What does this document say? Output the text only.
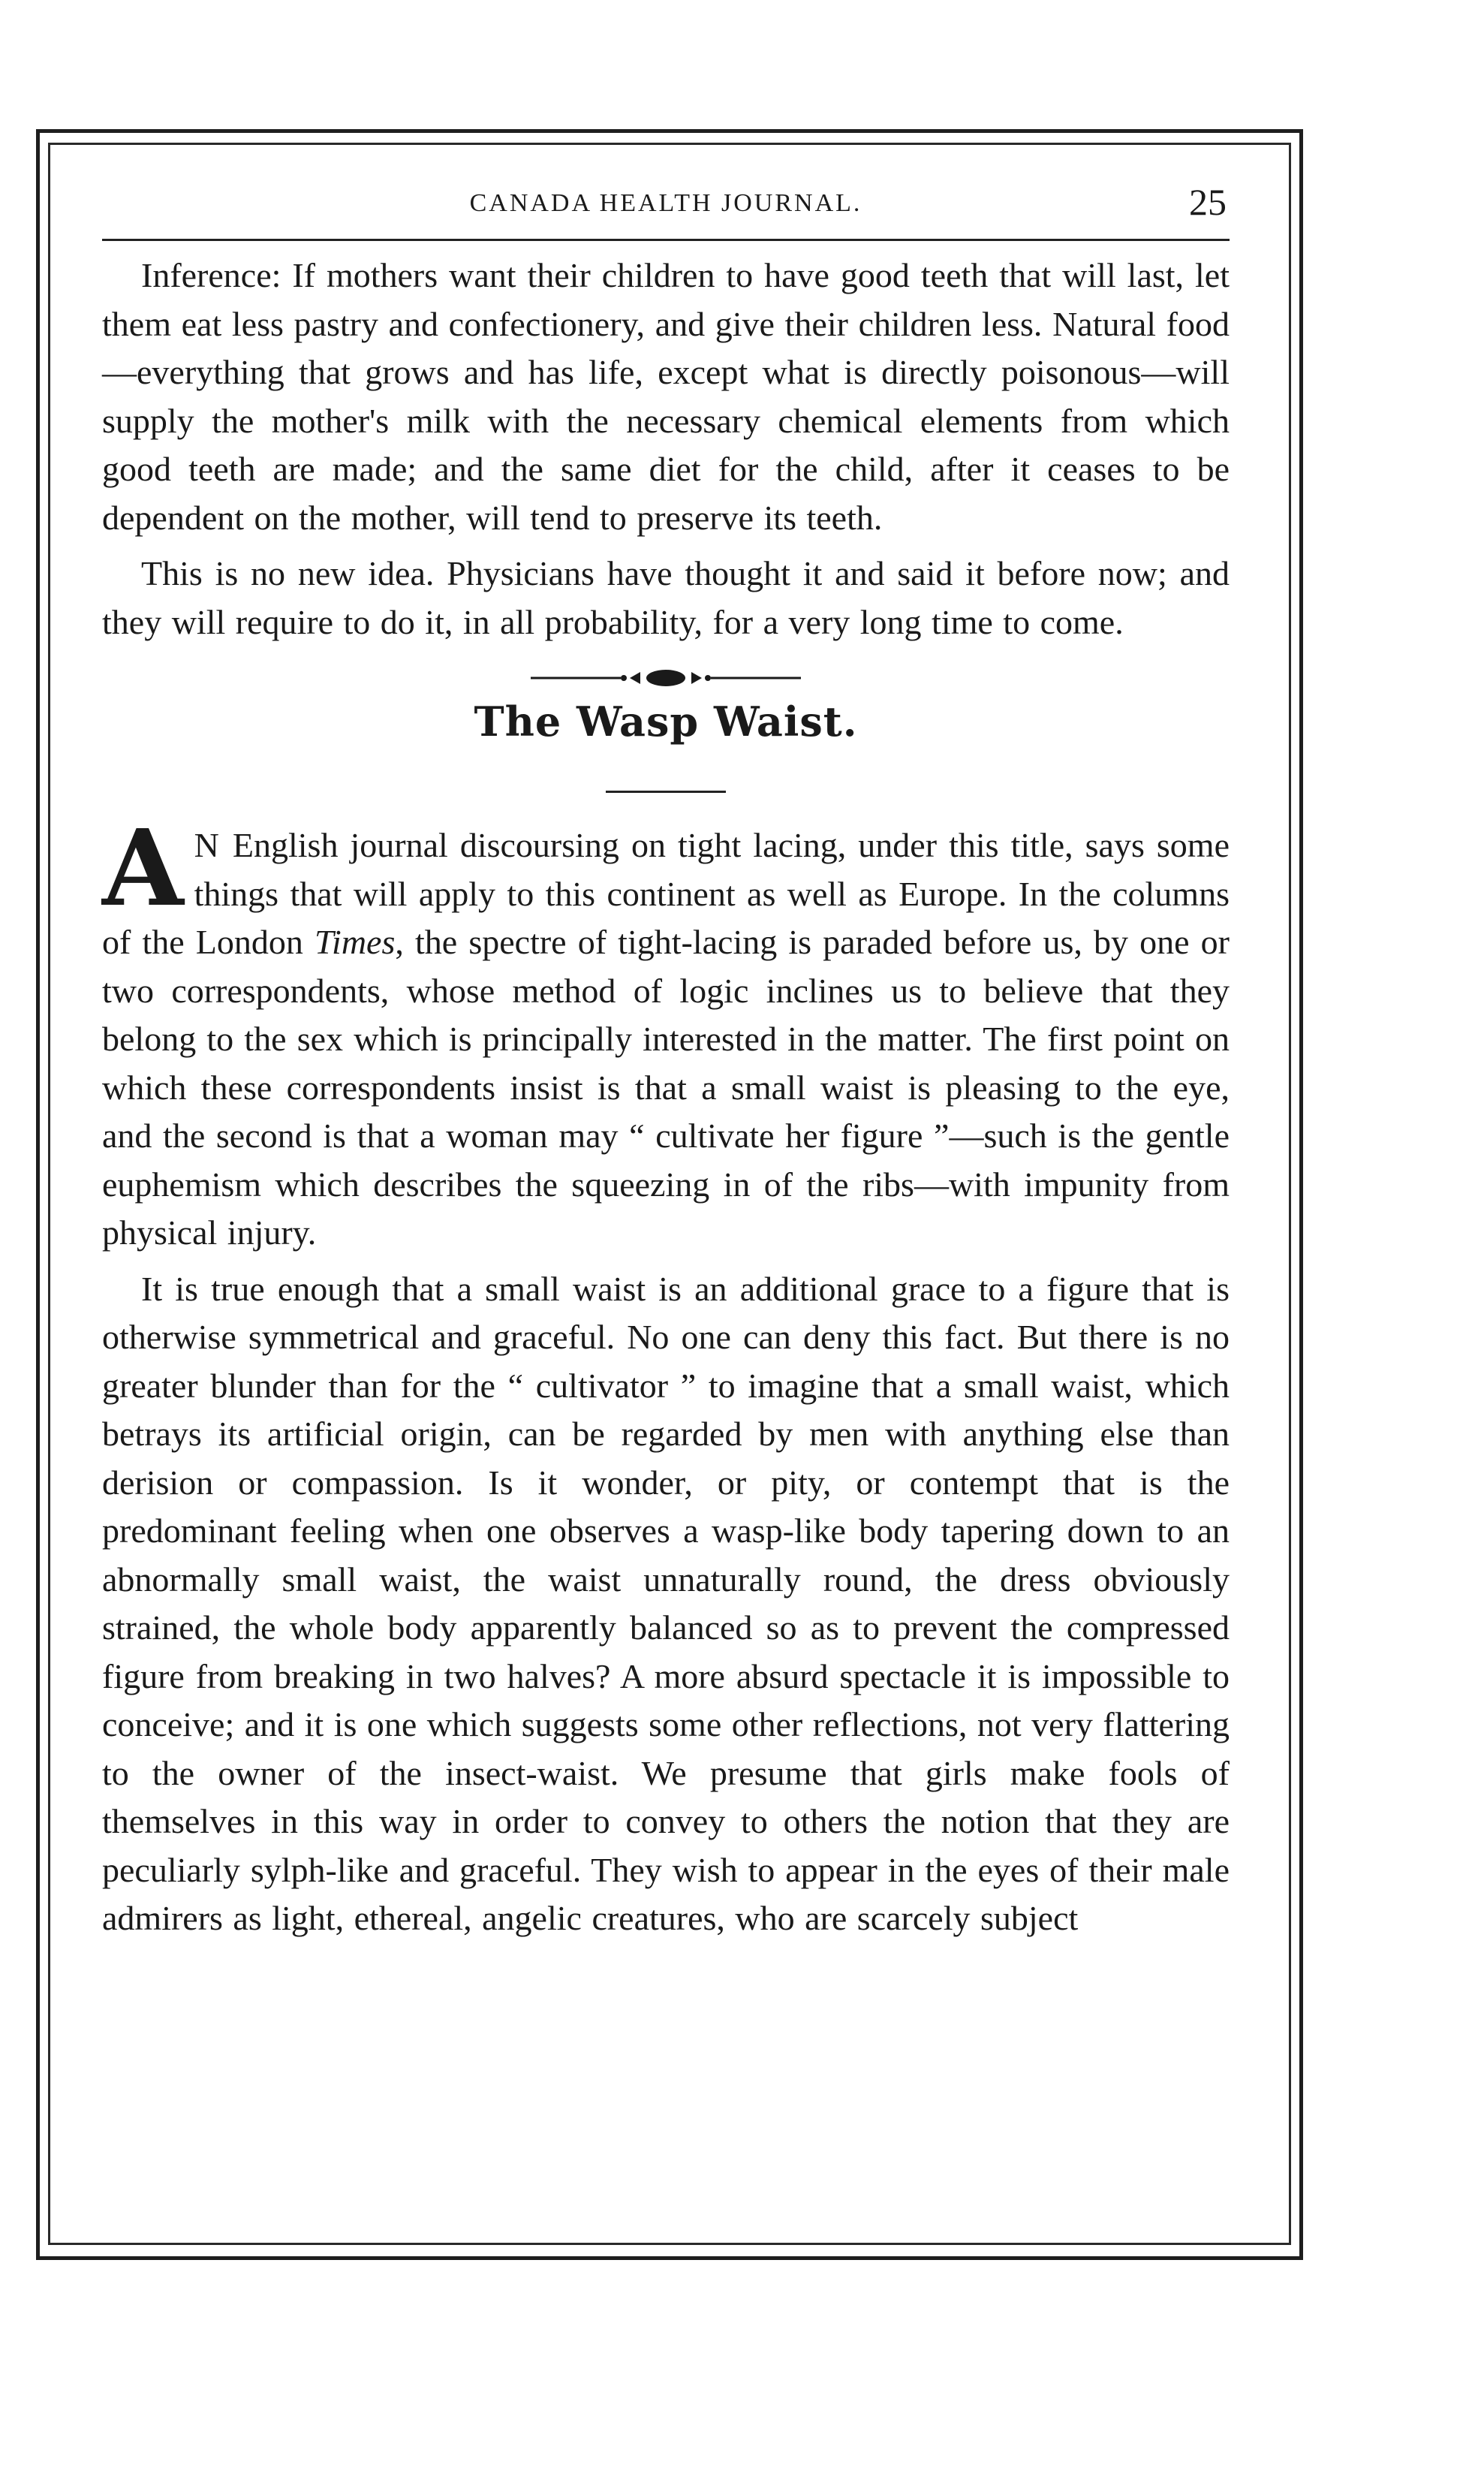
CANADA HEALTH JOURNAL.	25

Inference: If mothers want their children to have good teeth that will last, let them eat less pastry and confectionery, and give their children less. Natural food—everything that grows and has life, except what is directly poisonous—will supply the mother's milk with the necessary chemical elements from which good teeth are made; and the same diet for the child, after it ceases to be dependent on the mother, will tend to preserve its teeth.

This is no new idea. Physicians have thought it and said it before now; and they will require to do it, in all probability, for a very long time to come.

The Wasp Waist.

A N English journal discoursing on tight lacing, under this title, says some things that will apply to this continent as well as Europe. In the columns of the London Times, the spectre of tight-lacing is paraded before us, by one or two correspondents, whose method of logic inclines us to believe that they belong to the sex which is principally interested in the matter. The first point on which these correspondents insist is that a small waist is pleasing to the eye, and the second is that a woman may “ cultivate her figure ”—such is the gentle euphemism which describes the squeezing in of the ribs—with impunity from physical injury.

It is true enough that a small waist is an additional grace to a figure that is otherwise symmetrical and graceful. No one can deny this fact. But there is no greater blunder than for the “ cultivator ” to imagine that a small waist, which betrays its artificial origin, can be regarded by men with anything else than derision or compassion. Is it wonder, or pity, or contempt that is the predominant feeling when one observes a wasp-like body tapering down to an abnormally small waist, the waist unnaturally round, the dress obviously strained, the whole body apparently balanced so as to prevent the compressed figure from breaking in two halves? A more absurd spectacle it is impossible to conceive; and it is one which suggests some other reflections, not very flattering to the owner of the insect-waist. We presume that girls make fools of themselves in this way in order to convey to others the notion that they are peculiarly sylph-like and graceful. They wish to appear in the eyes of their male admirers as light, ethereal, angelic creatures, who are scarcely subject
